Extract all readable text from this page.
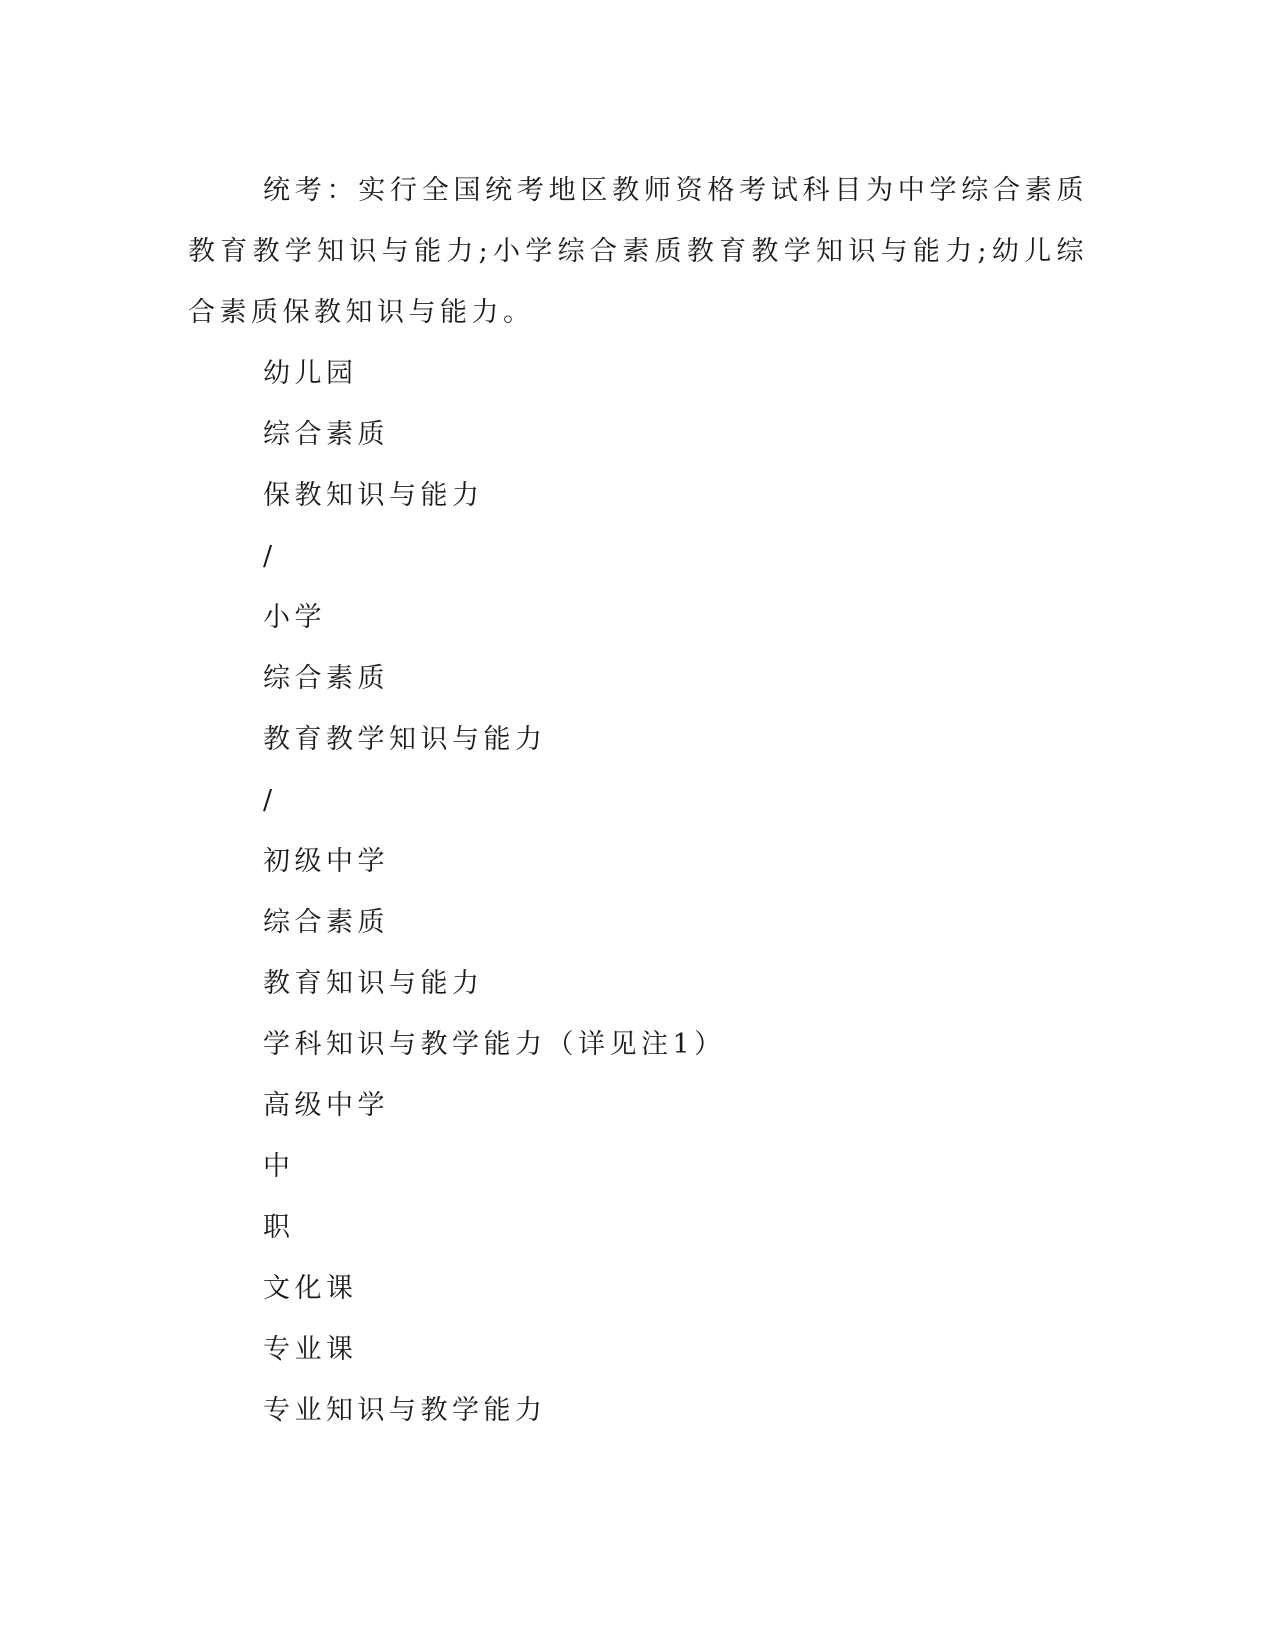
统考：实行全国统考地区教师资格考试科目为中学综合素质教育教学知识与能力;小学综合素质教育教学知识与能力;幼儿综合素质保教知识与能力。

幼儿园

综合素质

保教知识与能力

/

小学

综合素质

教育教学知识与能力

/

初级中学

综合素质

教育知识与能力

学科知识与教学能力（详见注1）

高级中学

中

职

文化课

专业课

专业知识与教学能力
